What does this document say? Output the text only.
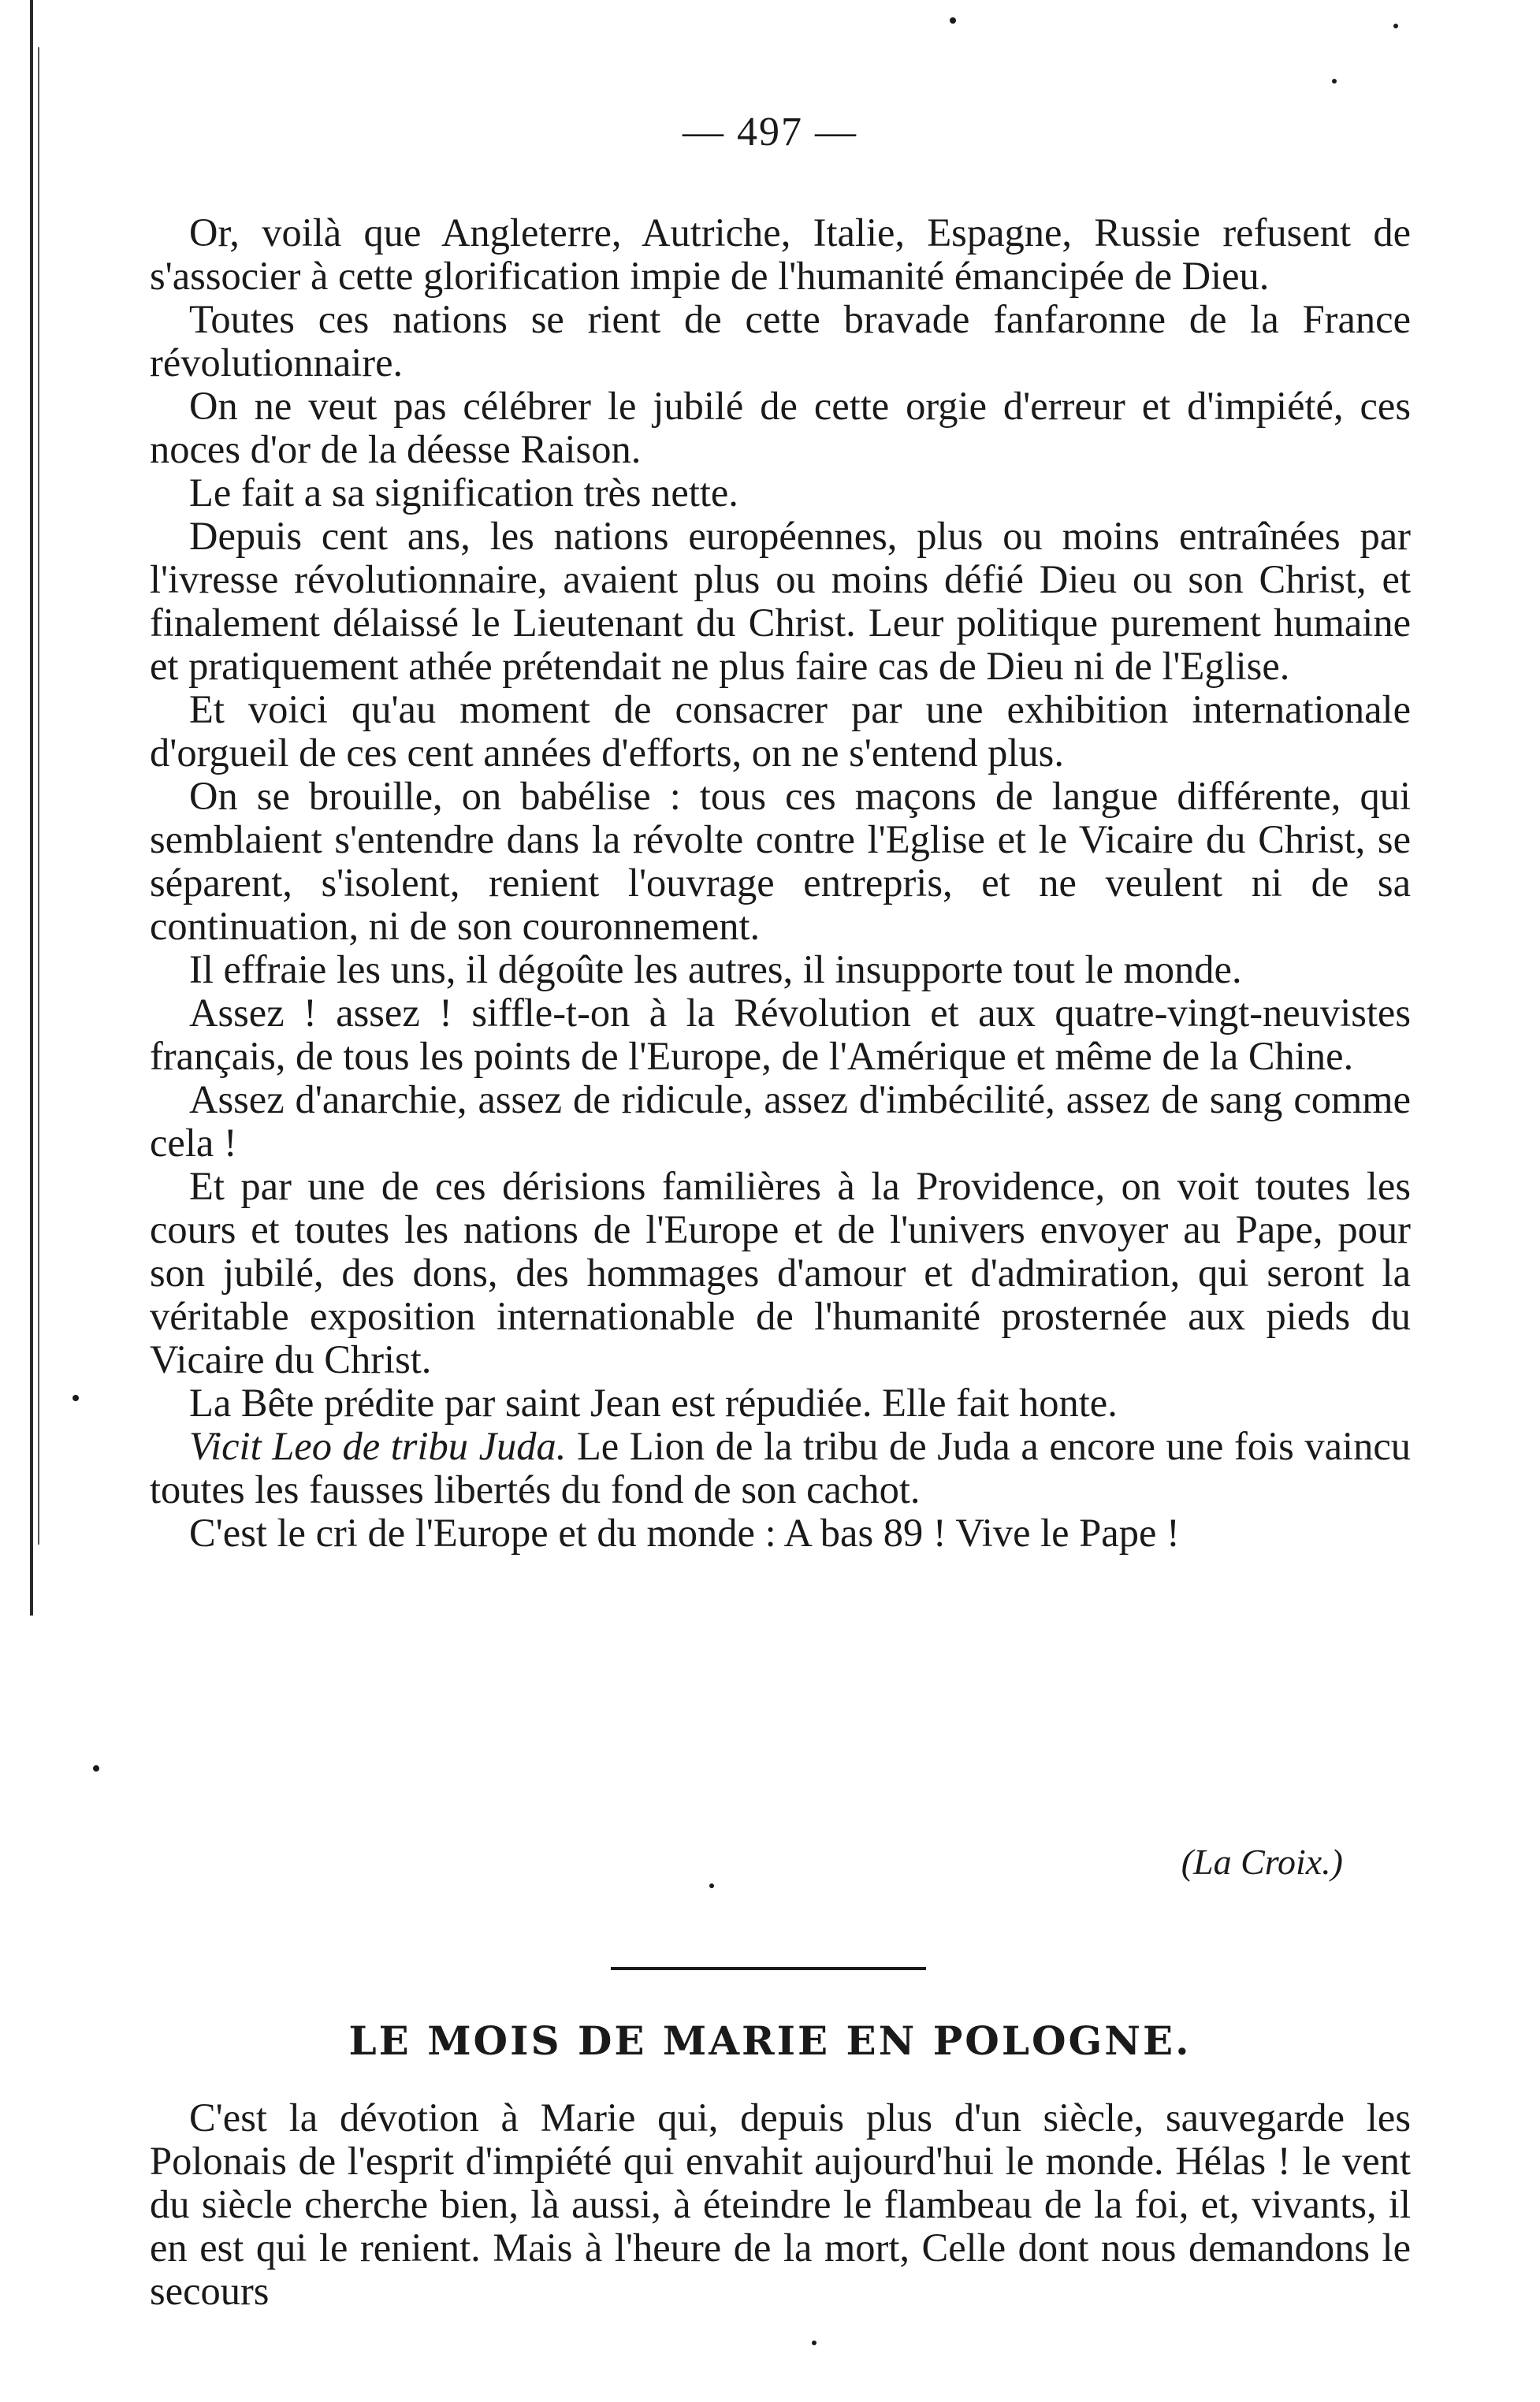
— 497 —

Or, voilà que Angleterre, Autriche, Italie, Espagne, Russie refusent de s'associer à cette glorification impie de l'humanité émancipée de Dieu.

Toutes ces nations se rient de cette bravade fanfaronne de la France révolutionnaire.

On ne veut pas célébrer le jubilé de cette orgie d'erreur et d'impiété, ces noces d'or de la déesse Raison.

Le fait a sa signification très nette.

Depuis cent ans, les nations européennes, plus ou moins entraînées par l'ivresse révolutionnaire, avaient plus ou moins défié Dieu ou son Christ, et finalement délaissé le Lieutenant du Christ. Leur politique purement humaine et pratiquement athée prétendait ne plus faire cas de Dieu ni de l'Eglise.

Et voici qu'au moment de consacrer par une exhibition internationale d'orgueil de ces cent années d'efforts, on ne s'entend plus.

On se brouille, on babélise : tous ces maçons de langue différente, qui semblaient s'entendre dans la révolte contre l'Eglise et le Vicaire du Christ, se séparent, s'isolent, renient l'ouvrage entrepris, et ne veulent ni de sa continuation, ni de son couronnement.

Il effraie les uns, il dégoûte les autres, il insupporte tout le monde.

Assez ! assez ! siffle-t-on à la Révolution et aux quatre-vingt-neuvistes français, de tous les points de l'Europe, de l'Amérique et même de la Chine.

Assez d'anarchie, assez de ridicule, assez d'imbécilité, assez de sang comme cela !

Et par une de ces dérisions familières à la Providence, on voit toutes les cours et toutes les nations de l'Europe et de l'univers envoyer au Pape, pour son jubilé, des dons, des hommages d'amour et d'admiration, qui seront la véritable exposition internationable de l'humanité prosternée aux pieds du Vicaire du Christ.

La Bête prédite par saint Jean est répudiée. Elle fait honte.

Vicit Leo de tribu Juda. Le Lion de la tribu de Juda a encore une fois vaincu toutes les fausses libertés du fond de son cachot.

C'est le cri de l'Europe et du monde : A bas 89 ! Vive le Pape !

(La Croix.)
LE MOIS DE MARIE EN POLOGNE.

C'est la dévotion à Marie qui, depuis plus d'un siècle, sauvegarde les Polonais de l'esprit d'impiété qui envahit aujourd'hui le monde. Hélas ! le vent du siècle cherche bien, là aussi, à éteindre le flambeau de la foi, et, vivants, il en est qui le renient. Mais à l'heure de la mort, Celle dont nous demandons le secours
